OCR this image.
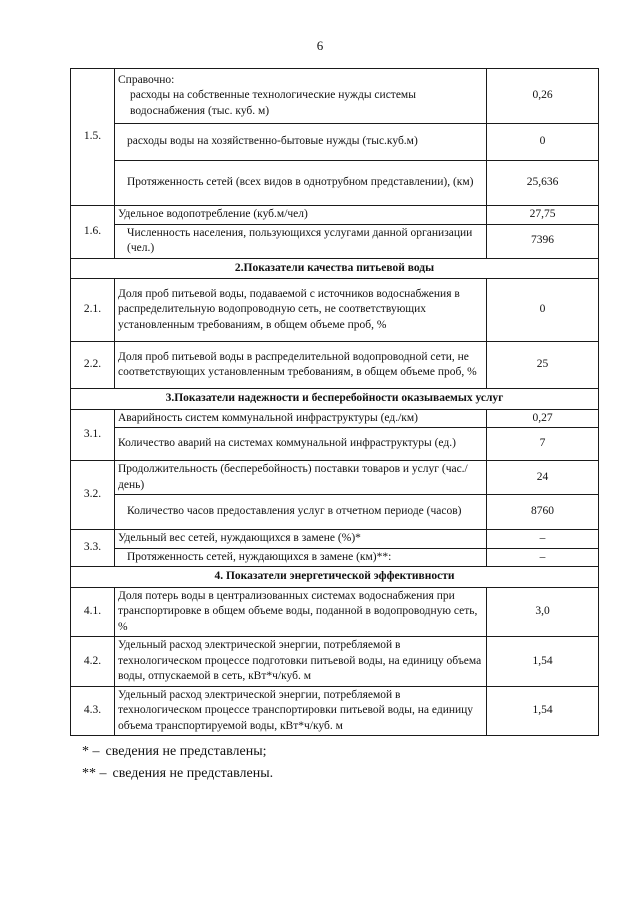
6
1.5.	Справочно:
расходы на собственные технологические нужды системы водоснабжения (тыс. куб. м)	0,26
	расходы воды на хозяйственно-бытовые нужды (тыс.куб.м)	0
	Протяженность сетей (всех видов в однотрубном представлении), (км)	25,636
1.6.	Удельное водопотребление (куб.м/чел)	27,75
	Численность населения, пользующихся услугами данной организации (чел.)	7396
2.Показатели качества питьевой воды		
2.1.	Доля проб питьевой воды, подаваемой с источников водоснабжения в распределительную водопроводную сеть, не соответствующих установленным требованиям, в общем объеме проб, %	0
2.2.	Доля проб питьевой воды в распределительной водопроводной сети, не соответствующих установленным требованиям, в общем объеме проб, %	25
3.Показатели надежности и бесперебойности оказываемых услуг		
3.1.	Аварийность систем коммунальной инфраструктуры (ед./км)	0,27
	Количество аварий на системах коммунальной инфраструктуры (ед.)	7
3.2.	Продолжительность (бесперебойность) поставки товаров и услуг (час./день)	24
	Количество часов предоставления услуг в отчетном периоде (часов)	8760
3.3.	Удельный вес сетей, нуждающихся в замене (%)*	–
	Протяженность сетей, нуждающихся в замене (км)**:	–
4. Показатели энергетической эффективности		
4.1.	Доля потерь воды в централизованных системах водоснабжения при транспортировке в общем объеме воды, поданной в водопроводную сеть, %	3,0
4.2.	Удельный расход электрической энергии, потребляемой в технологическом процессе подготовки питьевой воды, на единицу объема воды, отпускаемой в сеть, кВт*ч/куб. м	1,54
4.3.	Удельный расход электрической энергии, потребляемой в технологическом процессе транспортировки питьевой воды, на единицу объема транспортируемой воды, кВт*ч/куб. м	1,54
* – сведения не представлены;
** – сведения не представлены.
